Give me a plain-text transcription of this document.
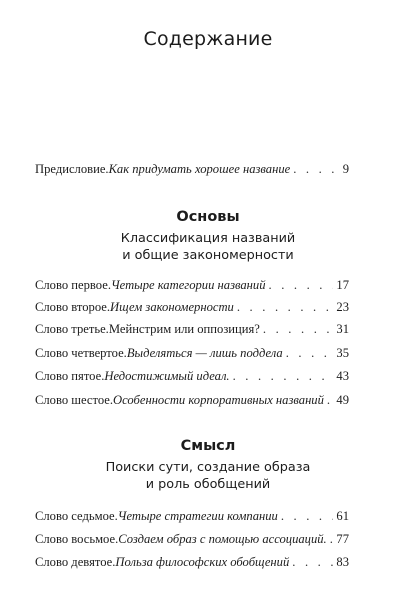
Содержание
Предисловие. Как придумать хорошее название . . .	9
Основы
Классификация названий
и общие закономерности
Слово первое. Четыре категории названий . . .	17
Слово второе. Ищем закономерности . . .	23
Слово третье. Мейнстрим или оппозиция? . . .	31
Слово четвертое. Выделяться — лишь поддела . . .	35
Слово пятое. Недостижимый идеал. . . .	43
Слово шестое. Особенности корпоративных названий . . . 49
Смысл
Поиски сути, создание образа
и роль обобщений
Слово седьмое. Четыре стратегии компании . . .	61
Слово восьмое. Создаем образ с помощью ассоциаций. . . . 77
Слово девятое. Польза философских обобщений . . .	83
